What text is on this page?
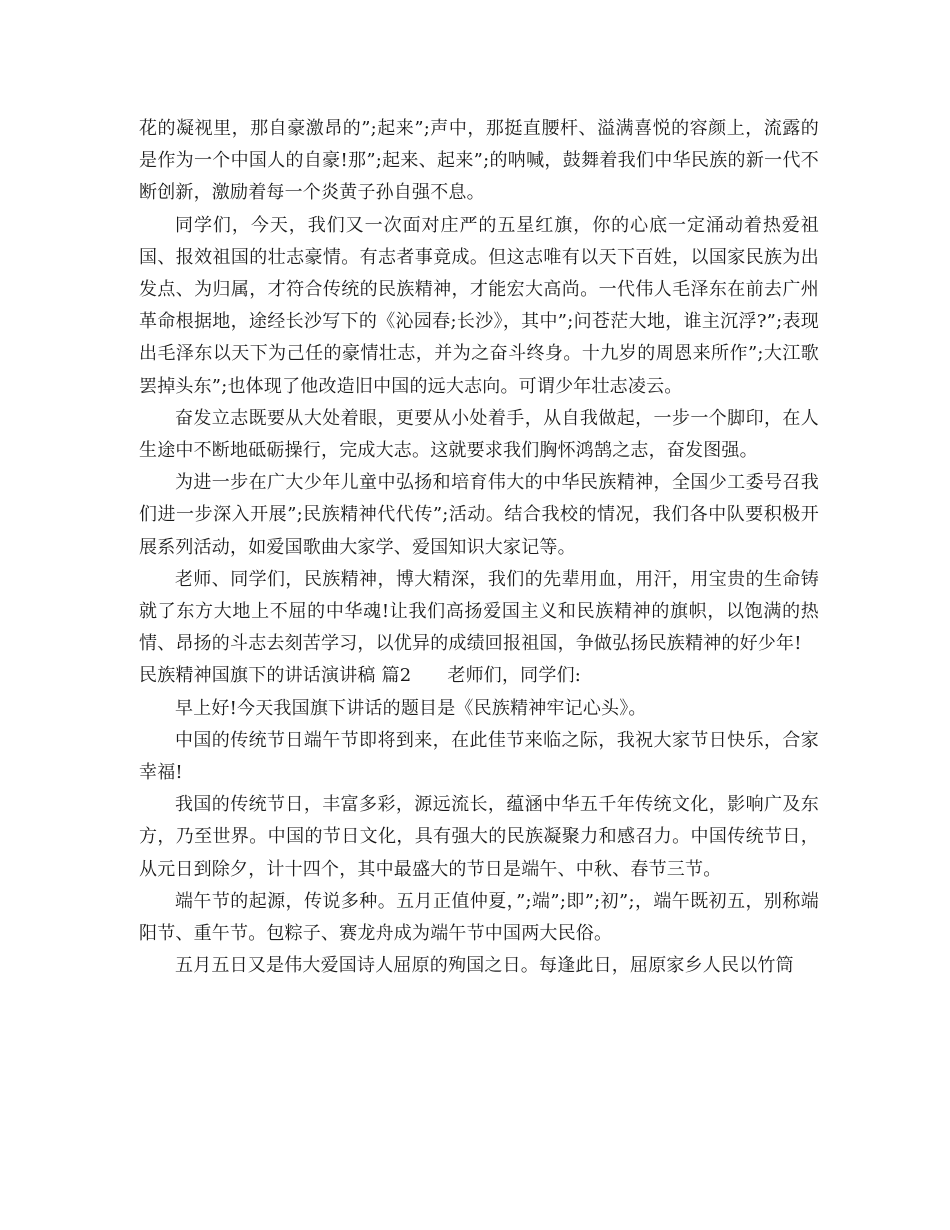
花的凝视里，那自豪激昂的”;起来”;声中，那挺直腰杆、溢满喜悦的容颜上，流露的是作为一个中国人的自豪!那”;起来、起来”;的呐喊，鼓舞着我们中华民族的新一代不断创新，激励着每一个炎黄子孙自强不息。

同学们，今天，我们又一次面对庄严的五星红旗，你的心底一定涌动着热爱祖国、报效祖国的壮志豪情。有志者事竟成。但这志唯有以天下百姓，以国家民族为出发点、为归属，才符合传统的民族精神，才能宏大高尚。一代伟人毛泽东在前去广州革命根据地，途经长沙写下的《沁园春;长沙》，其中”;问苍茫大地，谁主沉浮?”;表现出毛泽东以天下为己任的豪情壮志，并为之奋斗终身。十九岁的周恩来所作”;大江歌罢掉头东”;也体现了他改造旧中国的远大志向。可谓少年壮志凌云。

奋发立志既要从大处着眼，更要从小处着手，从自我做起，一步一个脚印，在人生途中不断地砥砺操行，完成大志。这就要求我们胸怀鸿鹄之志，奋发图强。

为进一步在广大少年儿童中弘扬和培育伟大的中华民族精神，全国少工委号召我们进一步深入开展”;民族精神代代传”;活动。结合我校的情况，我们各中队要积极开展系列活动，如爱国歌曲大家学、爱国知识大家记等。

老师、同学们，民族精神，博大精深，我们的先辈用血，用汗，用宝贵的生命铸就了东方大地上不屈的中华魂!让我们高扬爱国主义和民族精神的旗帜，以饱满的热情、昂扬的斗志去刻苦学习，以优异的成绩回报祖国，争做弘扬民族精神的好少年!

民族精神国旗下的讲话演讲稿 篇2 老师们，同学们:

早上好!今天我国旗下讲话的题目是《民族精神牢记心头》。

中国的传统节日端午节即将到来，在此佳节来临之际，我祝大家节日快乐，合家幸福!

我国的传统节日，丰富多彩，源远流长，蕴涵中华五千年传统文化，影响广及东方，乃至世界。中国的节日文化，具有强大的民族凝聚力和感召力。中国传统节日，从元日到除夕，计十四个，其中最盛大的节日是端午、中秋、春节三节。

端午节的起源，传说多种。五月正值仲夏，”;端”;即”;初”;，端午既初五，别称端阳节、重午节。包粽子、赛龙舟成为端午节中国两大民俗。

五月五日又是伟大爱国诗人屈原的殉国之日。每逢此日，屈原家乡人民以竹筒
